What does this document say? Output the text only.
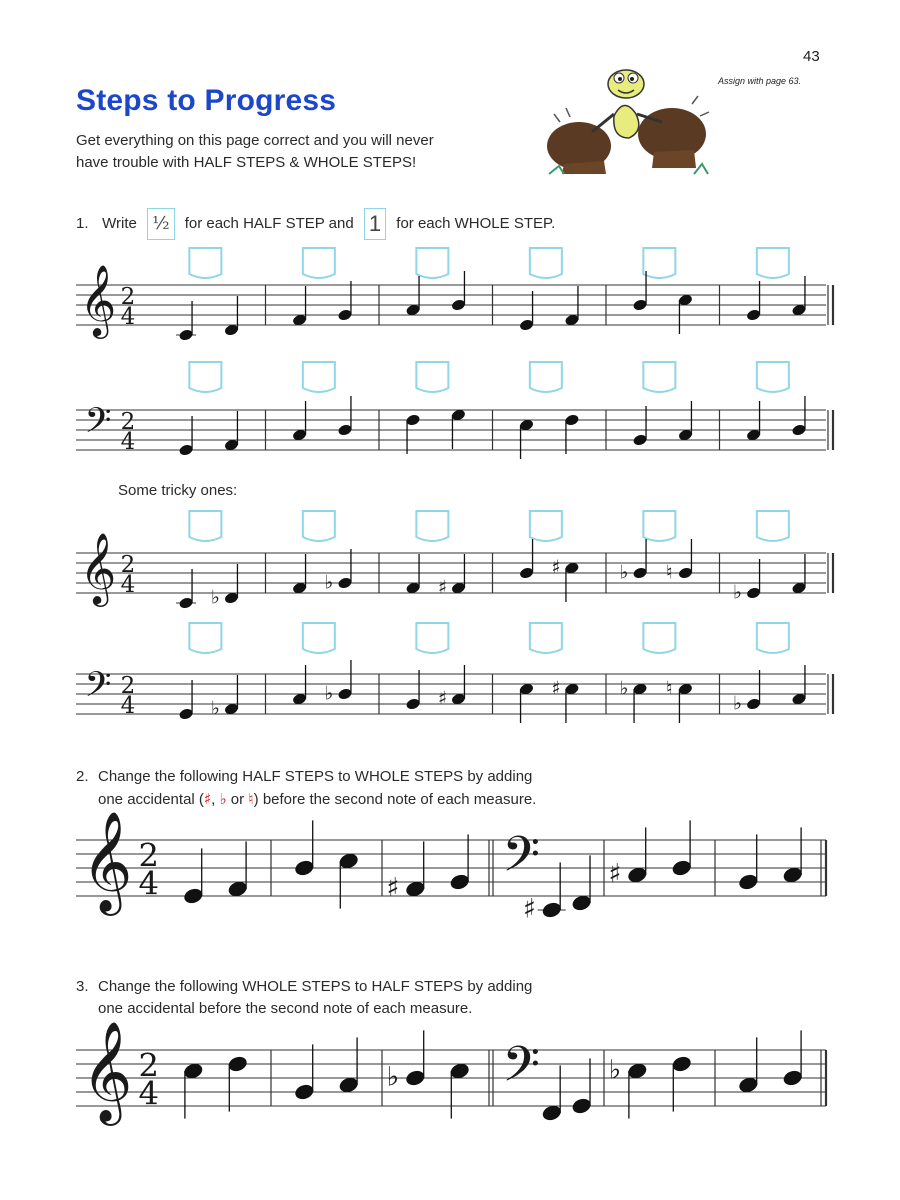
43
Assign with page 63.
Steps to Progress
Get everything on this page correct and you will never
have trouble with HALF STEPS & WHOLE STEPS!
1. Write ½ for each HALF STEP and 1 for each WHOLE STEP.
Some tricky ones:
2. Change the following HALF STEPS to WHOLE STEPS by adding
one accidental (♯, ♭ or ♮) before the second note of each measure.
3. Change the following WHOLE STEPS to HALF STEPS by adding
one accidental before the second note of each measure.
𝄞 2
4
𝄢 2
4
𝄞 2
4	♭
♭	♯
♯	♭ ♮
♭
𝄢 2
4	♭
♭	♯	♯	♭ ♮
♭
𝄞 2
4	♯ 𝄢
♯
♯
𝄞 2
4	♭ 𝄢	♭
